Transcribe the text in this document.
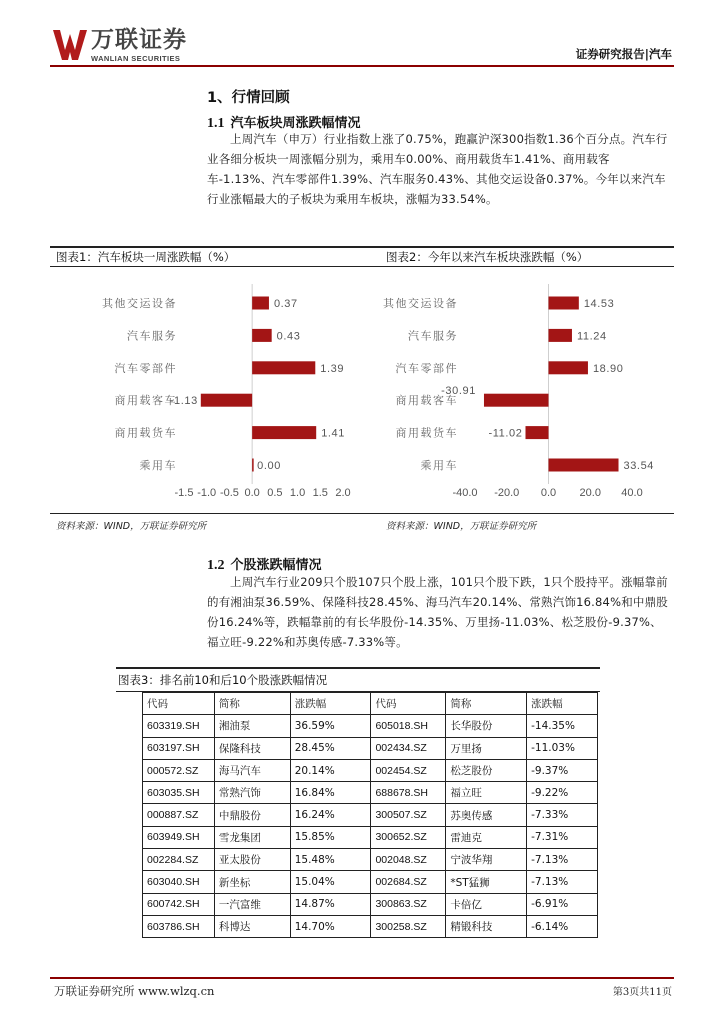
万联证券
WANLIAN SECURITIES	证券研究报告|汽车
1、行情回顾
1.1 汽车板块周涨跌幅情况
上周汽车（申万）行业指数上涨了0.75%，跑赢沪深300指数1.36个百分点。汽车行业各细分板块一周涨幅分别为，乘用车0.00%、商用载货车1.41%、商用载客车-1.13%、汽车零部件1.39%、汽车服务0.43%、其他交运设备0.37%。今年以来汽车行业涨幅最大的子板块为乘用车板块，涨幅为33.54%。
图表1：汽车板块一周涨跌幅（%）	图表2：今年以来汽车板块涨跌幅（%）
其他交运设备	0.37
汽车服务	0.43
汽车零部件	1.39
商用载客车
-1.13
商用载货车	1.41
乘用车	0.00
-1.5 -1.0 -0.5 0.0 0.5 1.0 1.5 2.0
其他交运设备	14.53
汽车服务	11.24
汽车零部件	18.90
商用载客车
-30.91
商用载货车	-11.02
乘用车	33.54
-40.0 -20.0 0.0 20.0 40.0
资料来源：WIND，万联证券研究所	资料来源：WIND，万联证券研究所
1.2 个股涨跌幅情况
上周汽车行业209只个股107只个股上涨，101只个股下跌，1只个股持平。涨幅靠前的有湘油泵36.59%、保隆科技28.45%、海马汽车20.14%、常熟汽饰16.84%和中鼎股份16.24%等，跌幅靠前的有长华股份-14.35%、万里扬-11.03%、松芝股份-9.37%、福立旺-9.22%和苏奥传感-7.33%等。
图表3：排名前10和后10个股涨跌幅情况
代码	简称	涨跌幅	代码	简称	涨跌幅
603319.SH	湘油泵	36.59%	605018.SH	长华股份	-14.35%
603197.SH	保隆科技	28.45%	002434.SZ	万里扬	-11.03%
000572.SZ	海马汽车	20.14%	002454.SZ	松芝股份	-9.37%
603035.SH	常熟汽饰	16.84%	688678.SH	福立旺	-9.22%
000887.SZ	中鼎股份	16.24%	300507.SZ	苏奥传感	-7.33%
603949.SH	雪龙集团	15.85%	300652.SZ	雷迪克	-7.31%
002284.SZ	亚太股份	15.48%	002048.SZ	宁波华翔	-7.13%
603040.SH	新坐标	15.04%	002684.SZ	*ST猛狮	-7.13%
600742.SH	一汽富维	14.87%	300863.SZ	卡倍亿	-6.91%
603786.SH	科博达	14.70%	300258.SZ	精锻科技	-6.14%
万联证券研究所 www.wlzq.cn	第3页共11页
